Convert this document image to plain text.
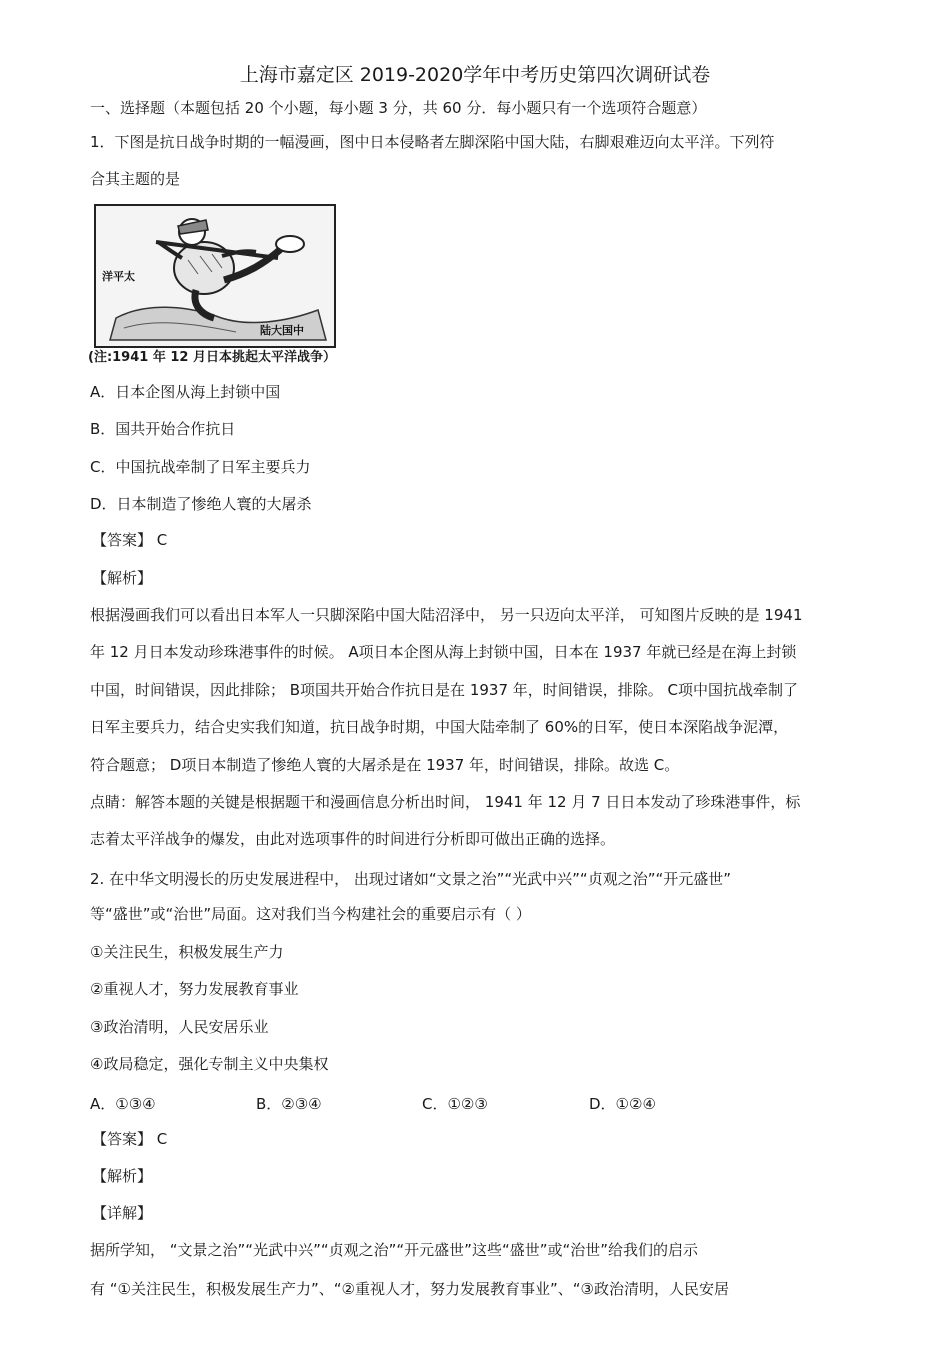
上海市嘉定区 2019-2020学年中考历史第四次调研试卷
一、选择题（本题包括 20 个小题，每小题 3 分，共 60 分．每小题只有一个选项符合题意）
1．下图是抗日战争时期的一幅漫画，图中日本侵略者左脚深陷中国大陆，右脚艰难迈向太平洋。下列符
合其主题的是
洋平太
陆大国中
(注:1941 年 12 月日本挑起太平洋战争）
A．日本企图从海上封锁中国
B．国共开始合作抗日
C．中国抗战牵制了日军主要兵力
D．日本制造了惨绝人寰的大屠杀
【答案】 C
【解析】
根据漫画我们可以看出日本军人一只脚深陷中国大陆沼泽中， 另一只迈向太平洋， 可知图片反映的是 1941
年 12 月日本发动珍珠港事件的时候。 A项日本企图从海上封锁中国，日本在 1937 年就已经是在海上封锁
中国，时间错误，因此排除； B项国共开始合作抗日是在 1937 年，时间错误，排除。 C项中国抗战牵制了
日军主要兵力，结合史实我们知道，抗日战争时期，中国大陆牵制了 60%的日军，使日本深陷战争泥潭，
符合题意； D项日本制造了惨绝人寰的大屠杀是在 1937 年，时间错误，排除。故选 C。
点睛：解答本题的关键是根据题干和漫画信息分析出时间， 1941 年 12 月 7 日日本发动了珍珠港事件，标
志着太平洋战争的爆发，由此对选项事件的时间进行分析即可做出正确的选择。
2. 在中华文明漫长的历史发展进程中， 出现过诸如“文景之治”“光武中兴”“贞观之治”“开元盛世”
等“盛世”或“治世”局面。这对我们当今构建社会的重要启示有（ ）
①关注民生，积极发展生产力
②重视人才，努力发展教育事业
③政治清明，人民安居乐业
④政局稳定，强化专制主义中央集权
A．①③④	B．②③④	C．①②③	D．①②④
【答案】 C
【解析】
【详解】
据所学知， “文景之治”“光武中兴”“贞观之治”“开元盛世”这些“盛世”或“治世”给我们的启示
有 “①关注民生，积极发展生产力”、“②重视人才，努力发展教育事业”、“③政治清明，人民安居
